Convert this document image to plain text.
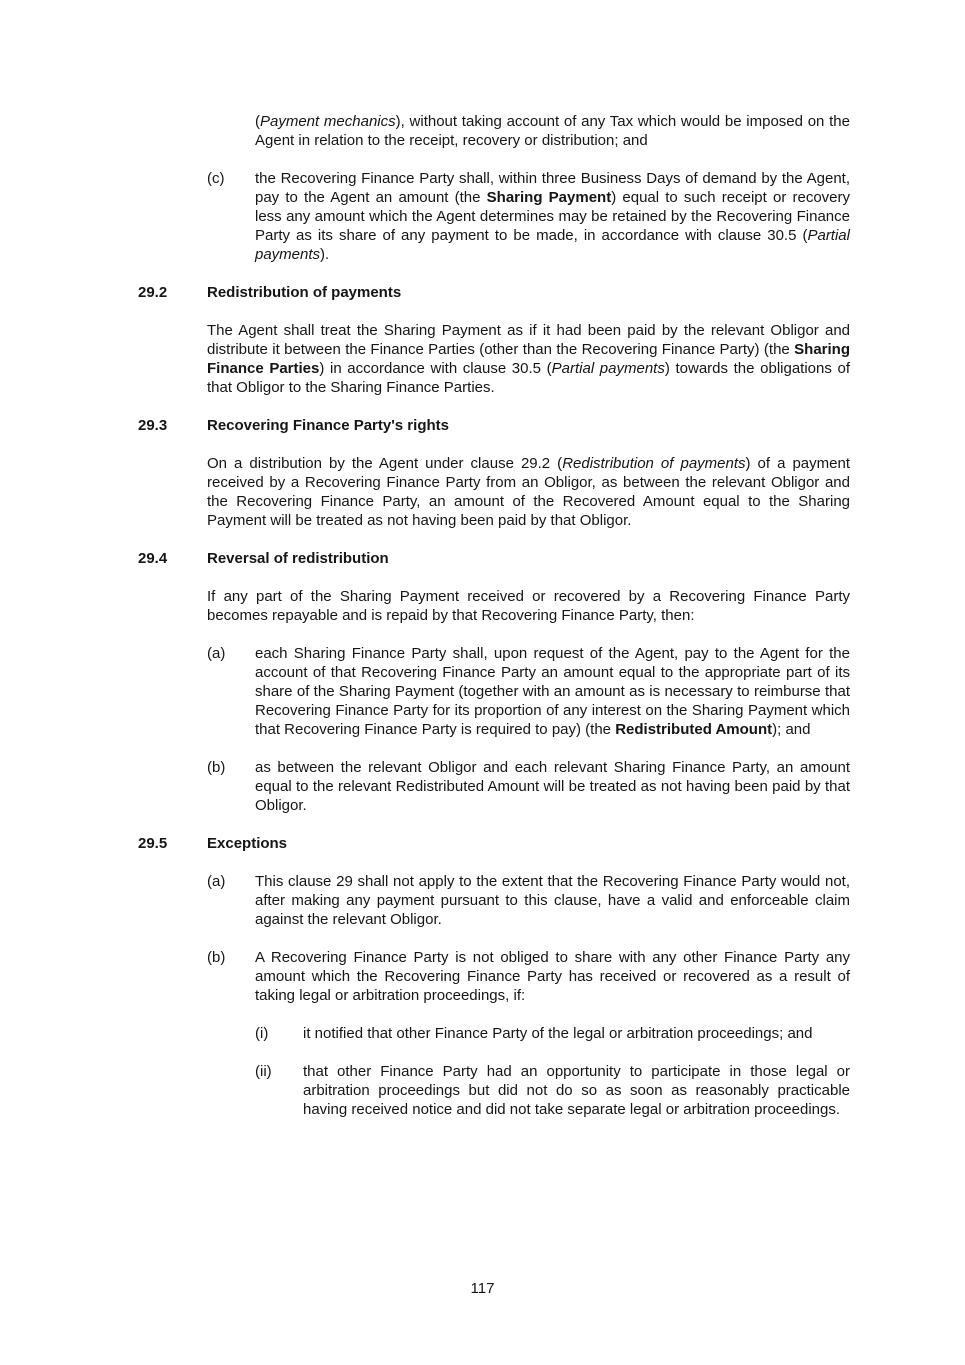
(Payment mechanics), without taking account of any Tax which would be imposed on the Agent in relation to the receipt, recovery or distribution; and
(c)	the Recovering Finance Party shall, within three Business Days of demand by the Agent, pay to the Agent an amount (the Sharing Payment) equal to such receipt or recovery less any amount which the Agent determines may be retained by the Recovering Finance Party as its share of any payment to be made, in accordance with clause 30.5 (Partial payments).
29.2	Redistribution of payments
The Agent shall treat the Sharing Payment as if it had been paid by the relevant Obligor and distribute it between the Finance Parties (other than the Recovering Finance Party) (the Sharing Finance Parties) in accordance with clause 30.5 (Partial payments) towards the obligations of that Obligor to the Sharing Finance Parties.
29.3	Recovering Finance Party's rights
On a distribution by the Agent under clause 29.2 (Redistribution of payments) of a payment received by a Recovering Finance Party from an Obligor, as between the relevant Obligor and the Recovering Finance Party, an amount of the Recovered Amount equal to the Sharing Payment will be treated as not having been paid by that Obligor.
29.4	Reversal of redistribution
If any part of the Sharing Payment received or recovered by a Recovering Finance Party becomes repayable and is repaid by that Recovering Finance Party, then:
(a)	each Sharing Finance Party shall, upon request of the Agent, pay to the Agent for the account of that Recovering Finance Party an amount equal to the appropriate part of its share of the Sharing Payment (together with an amount as is necessary to reimburse that Recovering Finance Party for its proportion of any interest on the Sharing Payment which that Recovering Finance Party is required to pay) (the Redistributed Amount); and
(b)	as between the relevant Obligor and each relevant Sharing Finance Party, an amount equal to the relevant Redistributed Amount will be treated as not having been paid by that Obligor.
29.5	Exceptions
(a)	This clause 29 shall not apply to the extent that the Recovering Finance Party would not, after making any payment pursuant to this clause, have a valid and enforceable claim against the relevant Obligor.
(b)	A Recovering Finance Party is not obliged to share with any other Finance Party any amount which the Recovering Finance Party has received or recovered as a result of taking legal or arbitration proceedings, if:
(i)	it notified that other Finance Party of the legal or arbitration proceedings; and
(ii)	that other Finance Party had an opportunity to participate in those legal or arbitration proceedings but did not do so as soon as reasonably practicable having received notice and did not take separate legal or arbitration proceedings.
117
